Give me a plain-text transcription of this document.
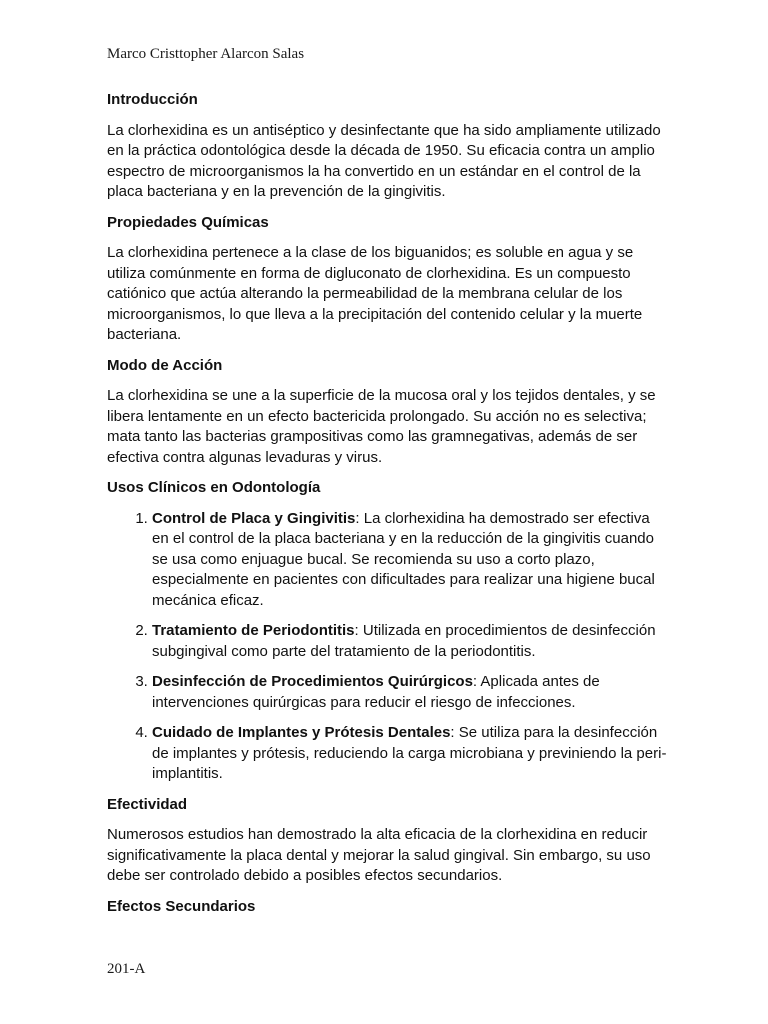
Marco Cristtopher Alarcon Salas
Introducción

La clorhexidina es un antiséptico y desinfectante que ha sido ampliamente utilizado en la práctica odontológica desde la década de 1950. Su eficacia contra un amplio espectro de microorganismos la ha convertido en un estándar en el control de la placa bacteriana y en la prevención de la gingivitis.

Propiedades Químicas

La clorhexidina pertenece a la clase de los biguanidos; es soluble en agua y se utiliza comúnmente en forma de digluconato de clorhexidina. Es un compuesto catiónico que actúa alterando la permeabilidad de la membrana celular de los microorganismos, lo que lleva a la precipitación del contenido celular y la muerte bacteriana.

Modo de Acción

La clorhexidina se une a la superficie de la mucosa oral y los tejidos dentales, y se libera lentamente en un efecto bactericida prolongado. Su acción no es selectiva; mata tanto las bacterias grampositivas como las gramnegativas, además de ser efectiva contra algunas levaduras y virus.

Usos Clínicos en Odontología
1. Control de Placa y Gingivitis: La clorhexidina ha demostrado ser efectiva en el control de la placa bacteriana y en la reducción de la gingivitis cuando se usa como enjuague bucal. Se recomienda su uso a corto plazo, especialmente en pacientes con dificultades para realizar una higiene bucal mecánica eficaz.
2. Tratamiento de Periodontitis: Utilizada en procedimientos de desinfección subgingival como parte del tratamiento de la periodontitis.
3. Desinfección de Procedimientos Quirúrgicos: Aplicada antes de intervenciones quirúrgicas para reducir el riesgo de infecciones.
4. Cuidado de Implantes y Prótesis Dentales: Se utiliza para la desinfección de implantes y prótesis, reduciendo la carga microbiana y previniendo la peri-implantitis.
Efectividad

Numerosos estudios han demostrado la alta eficacia de la clorhexidina en reducir significativamente la placa dental y mejorar la salud gingival. Sin embargo, su uso debe ser controlado debido a posibles efectos secundarios.

Efectos Secundarios
201-A
